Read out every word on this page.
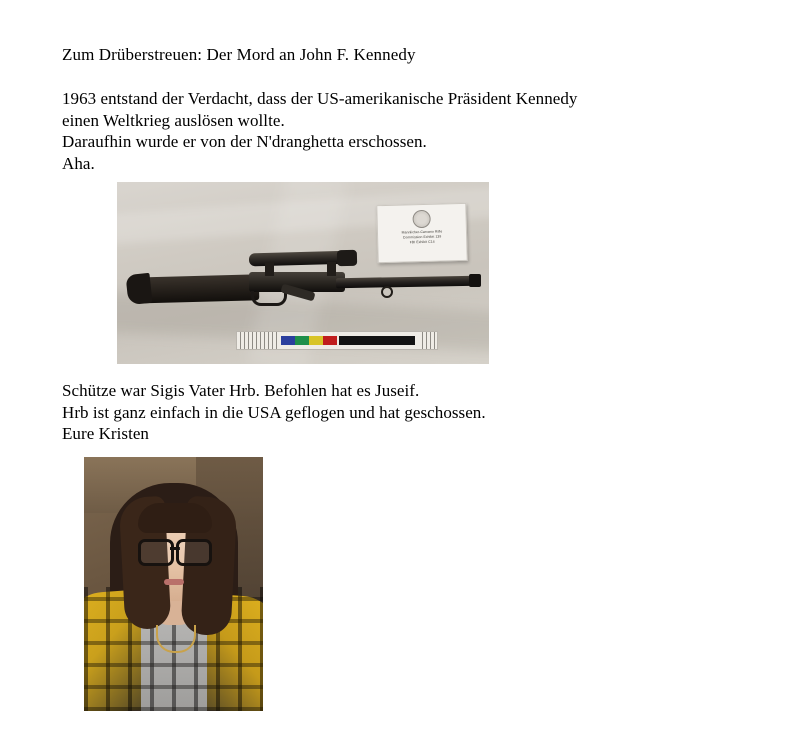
Zum Drüberstreuen: Der Mord an John F. Kennedy

1963 entstand der Verdacht, dass der US-amerikanische Präsident Kennedy

einen Weltkrieg auslösen wollte.

Daraufhin wurde er von der N'dranghetta erschossen.

Aha.

Mannlicher-Carcano Rifle
Commission Exhibit 139
FBI Exhibit C14

Schütze war Sigis Vater Hrb. Befohlen hat es Juseif.

Hrb ist ganz einfach in die USA geflogen und hat geschossen.

Eure Kristen
